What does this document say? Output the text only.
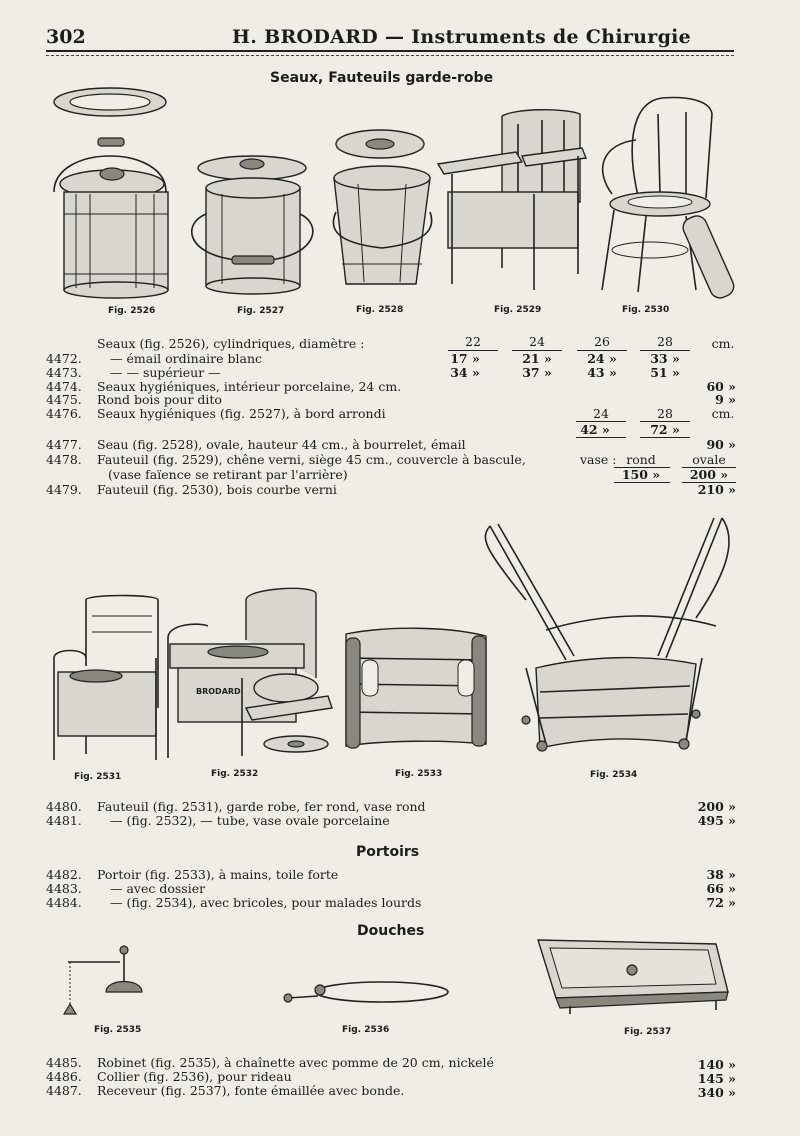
302	H. BRODARD — Instruments de Chirurgie
Seaux, Fauteuils garde-robe
Fig. 2526	Fig. 2527	Fig. 2528	Fig. 2529	Fig. 2530
Seaux (fig. 2526), cylindriques, diamètre :	22	24	26	28	cm.
4472. — émail ordinaire blanc	17 »	21 »	24 »	33 »
4473. — — supérieur —	34 »	37 »	43 »	51 »
4474. Seaux hygiéniques, intérieur porcelaine, 24 cm.	60 »
4475. Rond bois pour dito	9 »
4476. Seaux hygiéniques (fig. 2527), à bord arrondi	24	28	cm.
42 »	72 »
4477. Seau (fig. 2528), ovale, hauteur 44 cm., à bourrelet, émail	90 »
4478. Fauteuil (fig. 2529), chêne verni, siège 45 cm., couvercle à bascule,	vase : rond	ovale
(vase faïence se retirant par l'arrière)	150 »	200 »
4479. Fauteuil (fig. 2530), bois courbe verni	210 »
BRODARD
Fig. 2531	Fig. 2532	Fig. 2533	Fig. 2534
4480. Fauteuil (fig. 2531), garde robe, fer rond, vase rond	200 »
4481. — (fig. 2532), — tube, vase ovale porcelaine	495 »
Portoirs
4482. Portoir (fig. 2533), à mains, toile forte	38 »
4483. — avec dossier	66 »
4484. — (fig. 2534), avec bricoles, pour malades lourds	72 »
Douches
Fig. 2535	Fig. 2536	Fig. 2537
4485. Robinet (fig. 2535), à chaînette avec pomme de 20 cm, nickelé	140 »
4486. Collier (fig. 2536), pour rideau	145 »
4487. Receveur (fig. 2537), fonte émaillée avec bonde.	340 »
